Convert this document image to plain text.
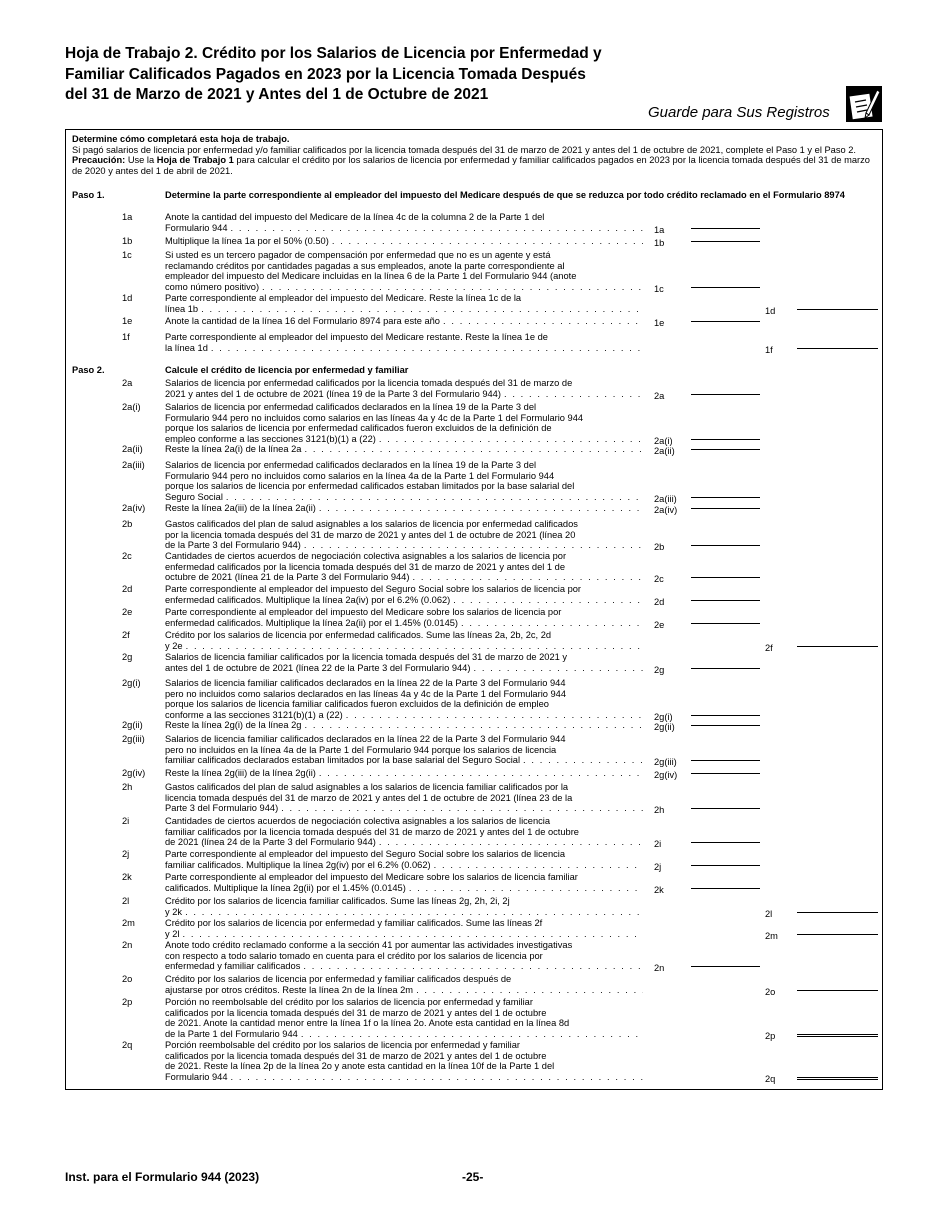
Hoja de Trabajo 2. Crédito por los Salarios de Licencia por Enfermedad y Familiar Calificados Pagados en 2023 por la Licencia Tomada Después del 31 de Marzo de 2021 y Antes del 1 de Octubre de 2021
Guarde para Sus Registros
Determine cómo completará esta hoja de trabajo.
Si pagó salarios de licencia por enfermedad y/o familiar calificados por la licencia tomada después del 31 de marzo de 2021 y antes del 1 de octubre de 2021, complete el Paso 1 y el Paso 2. Precaución: Use la Hoja de Trabajo 1 para calcular el crédito por los salarios de licencia por enfermedad y familiar calificados pagados en 2023 por la licencia tomada después del 31 de marzo de 2020 y antes del 1 de abril de 2021.
Paso 1.	Determine la parte correspondiente al empleador del impuesto del Medicare después de que se reduzca por todo crédito reclamado en el Formulario 8974
Paso 2.	Calcule el crédito de licencia por enfermedad y familiar
1a	Anote la cantidad del impuesto del Medicare de la línea 4c de la columna 2 de la Parte 1 del
Formulario 944 . . .	1a
1b	Multiplique la línea 1a por el 50% (0.50) . . .	1b
1c	Si usted es un tercero pagador de compensación por enfermedad que no es un agente y está
reclamando créditos por cantidades pagadas a sus empleados, anote la parte correspondiente al
empleador del impuesto del Medicare incluidas en la línea 6 de la Parte 1 del Formulario 944 (anote
como número positivo) . . .	1c
1d	Parte correspondiente al empleador del impuesto del Medicare. Reste la línea 1c de la
línea 1b . . .	1d
1e	Anote la cantidad de la línea 16 del Formulario 8974 para este año . . .	1e
1f	Parte correspondiente al empleador del impuesto del Medicare restante. Reste la línea 1e de
la línea 1d . . .	1f
2a	Salarios de licencia por enfermedad calificados por la licencia tomada después del 31 de marzo de
2021 y antes del 1 de octubre de 2021 (línea 19 de la Parte 3 del Formulario 944) . . .	2a
2a(i)	Salarios de licencia por enfermedad calificados declarados en la línea 19 de la Parte 3 del
Formulario 944 pero no incluidos como salarios en las líneas 4a y 4c de la Parte 1 del Formulario 944
porque los salarios de licencia por enfermedad calificados fueron excluidos de la definición de
empleo conforme a las secciones 3121(b)(1) a (22) . . .	2a(i)
2a(ii) Reste la línea 2a(i) de la línea 2a . . .	2a(ii)
2a(iii) Salarios de licencia por enfermedad calificados declarados en la línea 19 de la Parte 3 del
Formulario 944 pero no incluidos como salarios en la línea 4a de la Parte 1 del Formulario 944
porque los salarios de licencia por enfermedad calificados estaban limitados por la base salarial del
Seguro Social . . .	2a(iii)
2a(iv) Reste la línea 2a(iii) de la línea 2a(ii) . . .	2a(iv)
2b	Gastos calificados del plan de salud asignables a los salarios de licencia por enfermedad calificados
por la licencia tomada después del 31 de marzo de 2021 y antes del 1 de octubre de 2021 (línea 20
de la Parte 3 del Formulario 944) . . .	2b
2c	Cantidades de ciertos acuerdos de negociación colectiva asignables a los salarios de licencia por
enfermedad calificados por la licencia tomada después del 31 de marzo de 2021 y antes del 1 de
octubre de 2021 (línea 21 de la Parte 3 del Formulario 944) . . .	2c
2d	Parte correspondiente al empleador del impuesto del Seguro Social sobre los salarios de licencia por
enfermedad calificados. Multiplique la línea 2a(iv) por el 6.2% (0.062) . . .	2d
2e	Parte correspondiente al empleador del impuesto del Medicare sobre los salarios de licencia por
enfermedad calificados. Multiplique la línea 2a(ii) por el 1.45% (0.0145) . . .	2e
2f	Crédito por los salarios de licencia por enfermedad calificados. Sume las líneas 2a, 2b, 2c, 2d
y 2e . . .	2f
2g	Salarios de licencia familiar calificados por la licencia tomada después del 31 de marzo de 2021 y
antes del 1 de octubre de 2021 (línea 22 de la Parte 3 del Formulario 944) . . .	2g
2g(i)	Salarios de licencia familiar calificados declarados en la línea 22 de la Parte 3 del Formulario 944
pero no incluidos como salarios declarados en las líneas 4a y 4c de la Parte 1 del Formulario 944
porque los salarios de licencia familiar calificados fueron excluidos de la definición de empleo
conforme a las secciones 3121(b)(1) a (22) . . .	2g(i)
2g(ii) Reste la línea 2g(i) de la línea 2g . . .	2g(ii)
2g(iii) Salarios de licencia familiar calificados declarados en la línea 22 de la Parte 3 del Formulario 944
pero no incluidos en la línea 4a de la Parte 1 del Formulario 944 porque los salarios de licencia
familiar calificados declarados estaban limitados por la base salarial del Seguro Social . . .	2g(iii)
2g(iv) Reste la línea 2g(iii) de la línea 2g(ii) . . .	2g(iv)
2h	Gastos calificados del plan de salud asignables a los salarios de licencia familiar calificados por la
licencia tomada después del 31 de marzo de 2021 y antes del 1 de octubre de 2021 (línea 23 de la
Parte 3 del Formulario 944) . . .	2h
2i	Cantidades de ciertos acuerdos de negociación colectiva asignables a los salarios de licencia
familiar calificados por la licencia tomada después del 31 de marzo de 2021 y antes del 1 de octubre
de 2021 (línea 24 de la Parte 3 del Formulario 944) . . .	2i
2j	Parte correspondiente al empleador del impuesto del Seguro Social sobre los salarios de licencia
familiar calificados. Multiplique la línea 2g(iv) por el 6.2% (0.062) . . .	2j
2k	Parte correspondiente al empleador del impuesto del Medicare sobre los salarios de licencia familiar
calificados. Multiplique la línea 2g(ii) por el 1.45% (0.0145) . . .	2k
2l	Crédito por los salarios de licencia familiar calificados. Sume las líneas 2g, 2h, 2i, 2j
y 2k . . .	2l
2m	Crédito por los salarios de licencia por enfermedad y familiar calificados. Sume las líneas 2f
y 2l . . .	2m
2n	Anote todo crédito reclamado conforme a la sección 41 por aumentar las actividades investigativas
con respecto a todo salario tomado en cuenta para el crédito por los salarios de licencia por
enfermedad y familiar calificados . . .	2n
2o	Crédito por los salarios de licencia por enfermedad y familiar calificados después de
ajustarse por otros créditos. Reste la línea 2n de la línea 2m . . .	2o
2p	Porción no reembolsable del crédito por los salarios de licencia por enfermedad y familiar
calificados por la licencia tomada después del 31 de marzo de 2021 y antes del 1 de octubre
de 2021. Anote la cantidad menor entre la línea 1f o la línea 2o. Anote esta cantidad en la línea 8d
de la Parte 1 del Formulario 944 . . .	2p
2q	Porción reembolsable del crédito por los salarios de licencia por enfermedad y familiar
calificados por la licencia tomada después del 31 de marzo de 2021 y antes del 1 de octubre
de 2021. Reste la línea 2p de la línea 2o y anote esta cantidad en la línea 10f de la Parte 1 del
Formulario 944 . . .	2q
Inst. para el Formulario 944 (2023)	-25-
